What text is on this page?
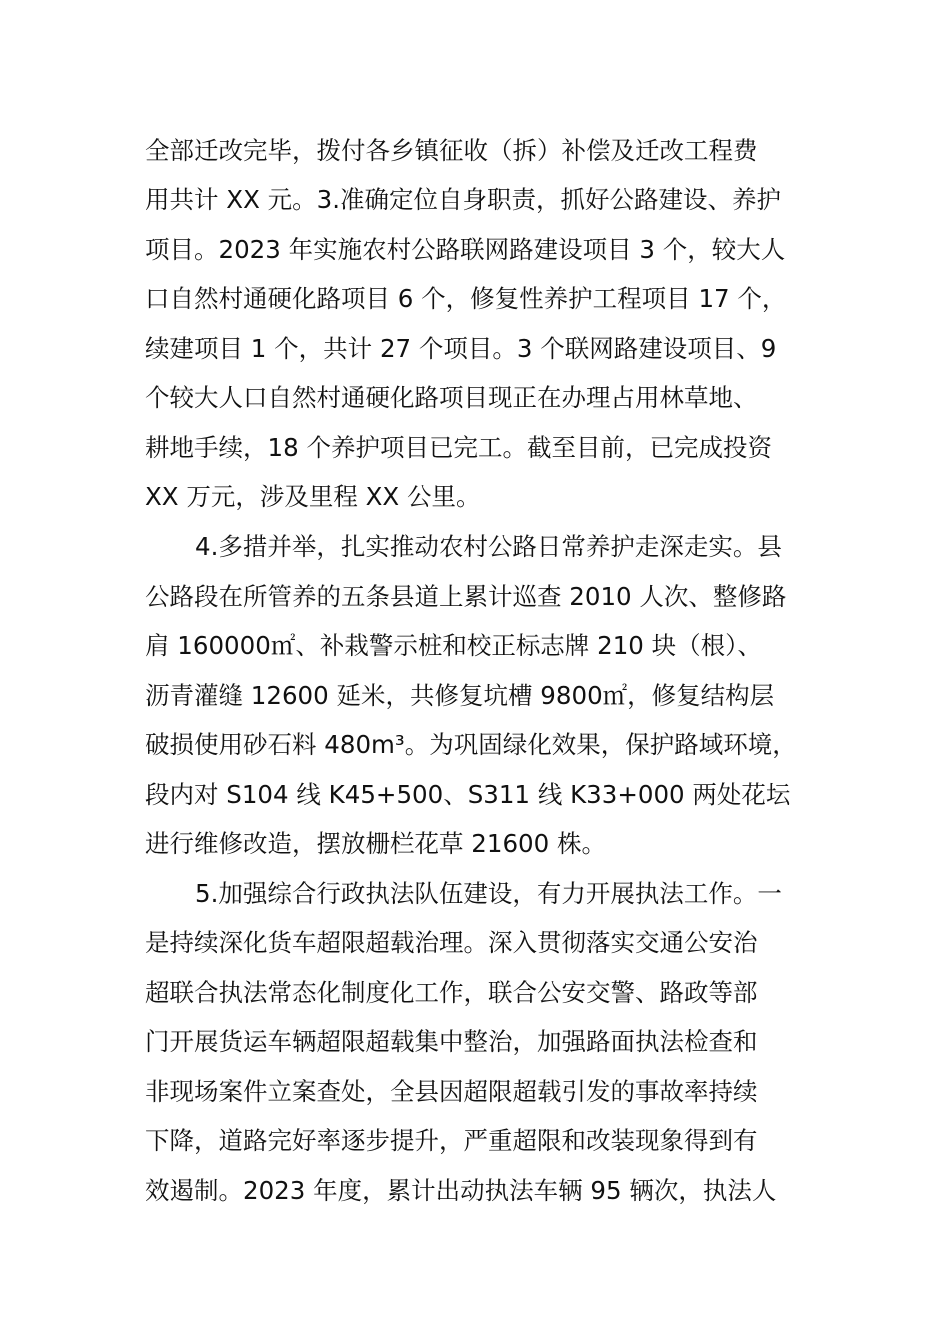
全部迁改完毕，拨付各乡镇征收（拆）补偿及迁改工程费
用共计 XX 元。3.准确定位自身职责，抓好公路建设、养护
项目。2023 年实施农村公路联网路建设项目 3 个，较大人
口自然村通硬化路项目 6 个，修复性养护工程项目 17 个，
续建项目 1 个，共计 27 个项目。3 个联网路建设项目、9
个较大人口自然村通硬化路项目现正在办理占用林草地、
耕地手续，18 个养护项目已完工。截至目前，已完成投资
XX 万元，涉及里程 XX 公里。
4.多措并举，扎实推动农村公路日常养护走深走实。县
公路段在所管养的五条县道上累计巡查 2010 人次、整修路
肩 160000㎡、补栽警示桩和校正标志牌 210 块（根）、
沥青灌缝 12600 延米，共修复坑槽 9800㎡，修复结构层
破损使用砂石料 480m³。为巩固绿化效果，保护路域环境，
段内对 S104 线 K45+500、S311 线 K33+000 两处花坛
进行维修改造，摆放栅栏花草 21600 株。
5.加强综合行政执法队伍建设，有力开展执法工作。一
是持续深化货车超限超载治理。深入贯彻落实交通公安治
超联合执法常态化制度化工作，联合公安交警、路政等部
门开展货运车辆超限超载集中整治，加强路面执法检查和
非现场案件立案查处，全县因超限超载引发的事故率持续
下降，道路完好率逐步提升，严重超限和改装现象得到有
效遏制。2023 年度，累计出动执法车辆 95 辆次，执法人
